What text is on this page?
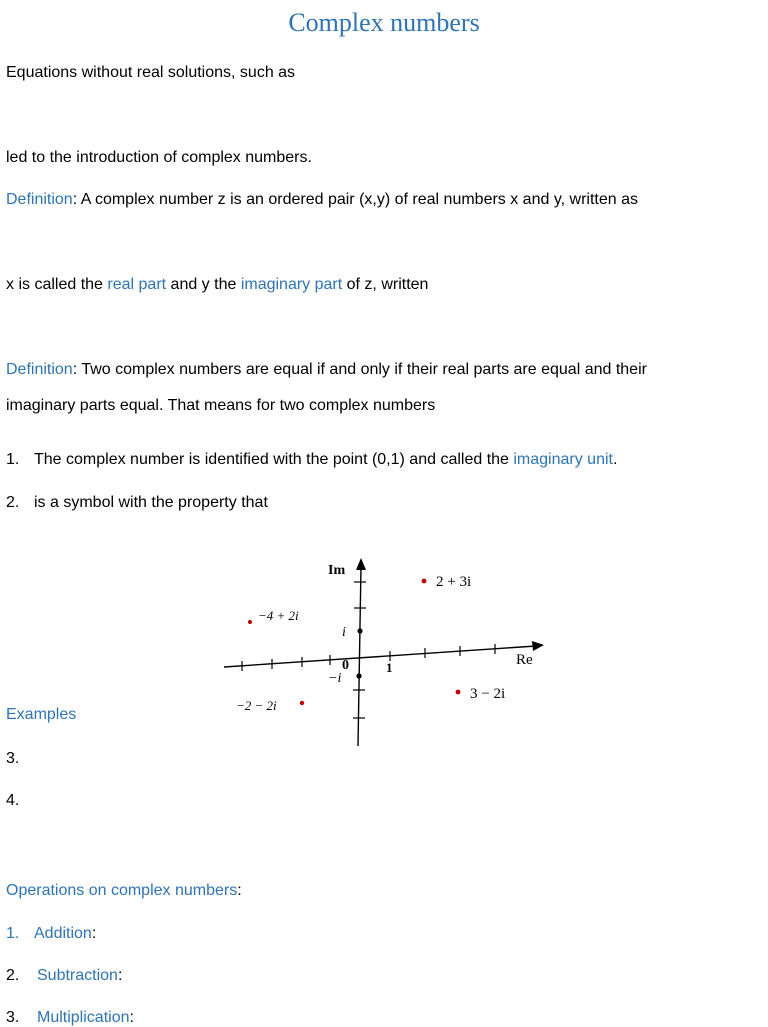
Complex numbers
Equations without real solutions, such as
led to the introduction of complex numbers.
Definition: A complex number z is an ordered pair (x,y) of real numbers x and y, written as
x is called the real part and y the imaginary part of z, written
Definition: Two complex numbers are equal if and only if their real parts are equal and their
imaginary parts equal. That means for two complex numbers
1. The complex number is identified with the point (0,1) and called the imaginary unit.
2. is a symbol with the property that
Im
Re
0	1
i
−i
2 + 3i
−4 + 2i
−2 − 2i
3 − 2i
Examples
3.
4.
Operations on complex numbers:
1. Addition:
2. Subtraction:
3. Multiplication:
